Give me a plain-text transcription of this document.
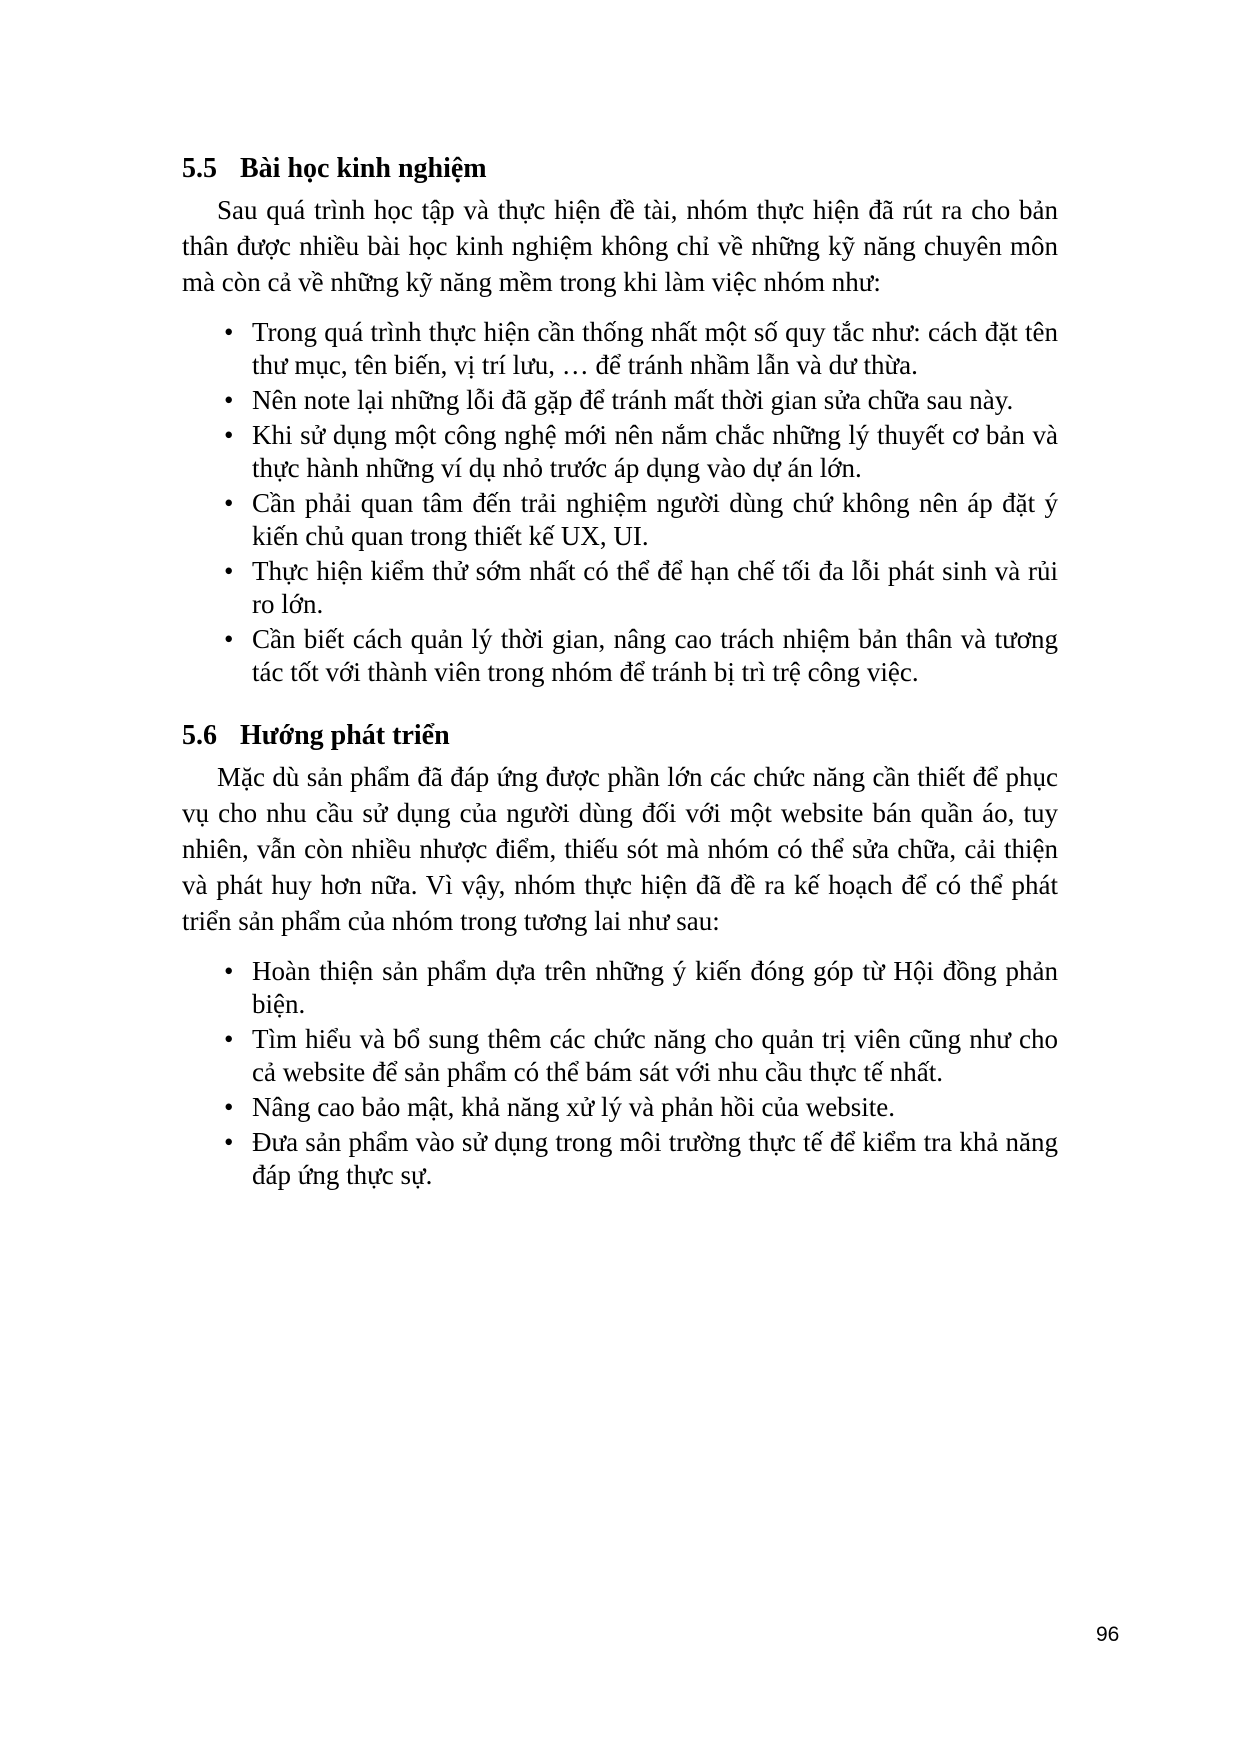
5.5 Bài học kinh nghiệm

Sau quá trình học tập và thực hiện đề tài, nhóm thực hiện đã rút ra cho bản thân được nhiều bài học kinh nghiệm không chỉ về những kỹ năng chuyên môn mà còn cả về những kỹ năng mềm trong khi làm việc nhóm như:

• Trong quá trình thực hiện cần thống nhất một số quy tắc như: cách đặt tên thư mục, tên biến, vị trí lưu, … để tránh nhầm lẫn và dư thừa.
• Nên note lại những lỗi đã gặp để tránh mất thời gian sửa chữa sau này.
• Khi sử dụng một công nghệ mới nên nắm chắc những lý thuyết cơ bản và thực hành những ví dụ nhỏ trước áp dụng vào dự án lớn.
• Cần phải quan tâm đến trải nghiệm người dùng chứ không nên áp đặt ý kiến chủ quan trong thiết kế UX, UI.
• Thực hiện kiểm thử sớm nhất có thể để hạn chế tối đa lỗi phát sinh và rủi ro lớn.
• Cần biết cách quản lý thời gian, nâng cao trách nhiệm bản thân và tương tác tốt với thành viên trong nhóm để tránh bị trì trệ công việc.
5.6 Hướng phát triển

Mặc dù sản phẩm đã đáp ứng được phần lớn các chức năng cần thiết để phục vụ cho nhu cầu sử dụng của người dùng đối với một website bán quần áo, tuy nhiên, vẫn còn nhiều nhược điểm, thiếu sót mà nhóm có thể sửa chữa, cải thiện và phát huy hơn nữa. Vì vậy, nhóm thực hiện đã đề ra kế hoạch để có thể phát triển sản phẩm của nhóm trong tương lai như sau:

• Hoàn thiện sản phẩm dựa trên những ý kiến đóng góp từ Hội đồng phản biện.
• Tìm hiểu và bổ sung thêm các chức năng cho quản trị viên cũng như cho cả website để sản phẩm có thể bám sát với nhu cầu thực tế nhất.
• Nâng cao bảo mật, khả năng xử lý và phản hồi của website.
• Đưa sản phẩm vào sử dụng trong môi trường thực tế để kiểm tra khả năng đáp ứng thực sự.
96
